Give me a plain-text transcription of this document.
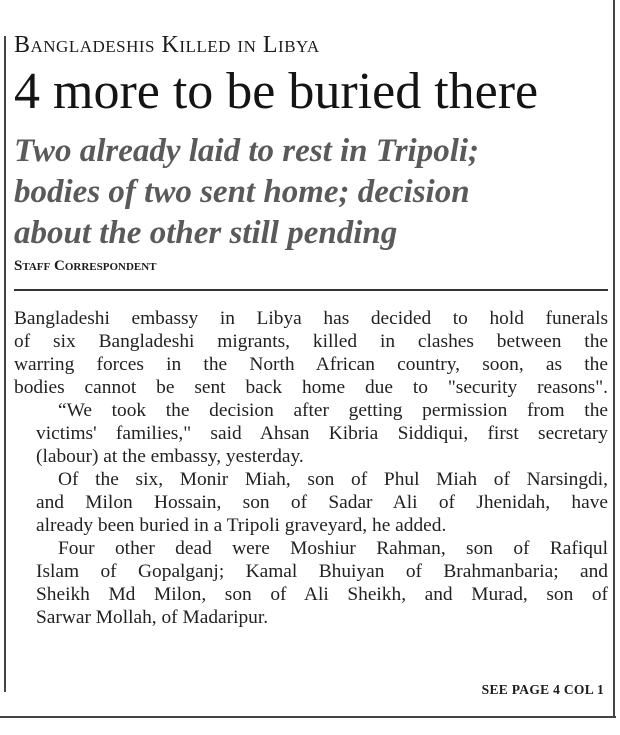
Bangladeshis Killed in Libya
4 more to be buried there
Two already laid to rest in Tripoli;
bodies of two sent home; decision
about the other still pending
Staff Correspondent

Bangladeshi embassy in Libya has decided to hold funerals
of six Bangladeshi migrants, killed in clashes between the
warring forces in the North African country, soon, as the
bodies cannot be sent back home due to "security reasons".

“We took the decision after getting permission from the
victims' families," said Ahsan Kibria Siddiqui, first secretary
(labour) at the embassy, yesterday.

Of the six, Monir Miah, son of Phul Miah of Narsingdi,
and Milon Hossain, son of Sadar Ali of Jhenidah, have
already been buried in a Tripoli graveyard, he added.

Four other dead were Moshiur Rahman, son of Rafiqul
Islam of Gopalganj; Kamal Bhuiyan of Brahmanbaria; and
Sheikh Md Milon, son of Ali Sheikh, and Murad, son of
Sarwar Mollah, of Madaripur.

SEE PAGE 4 COL 1
